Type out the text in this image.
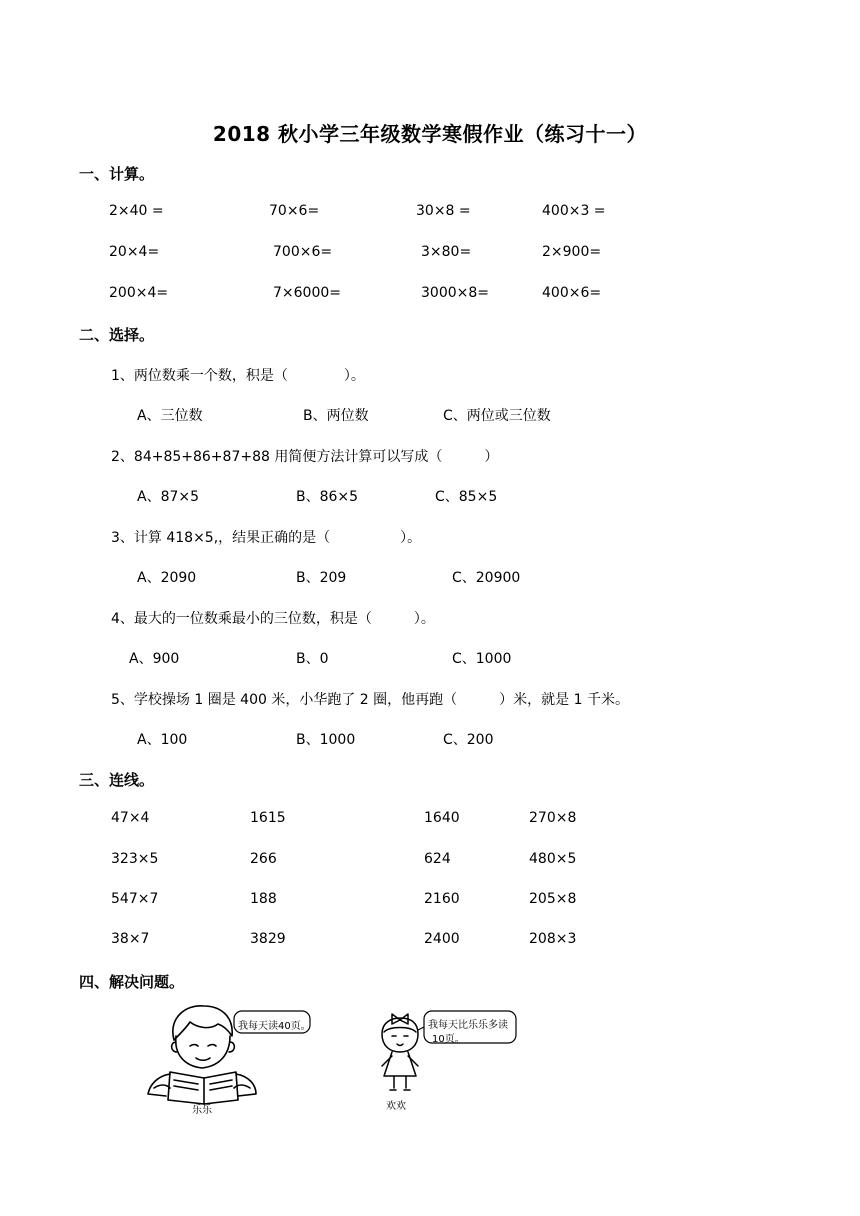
2018 秋小学三年级数学寒假作业（练习十一）
一、计算。
2×40 =	70×6=	30×8 =	400×3 =
20×4=	700×6=	3×80=	2×900=
200×4=	7×6000=	3000×8=	400×6=
二、选择。
1、两位数乘一个数，积是（　　　　）。
A、三位数	B、两位数	C、两位或三位数
2、84+85+86+87+88 用简便方法计算可以写成（　　　）
A、87×5	B、86×5	C、85×5
3、计算 418×5,，结果正确的是（　　　　　）。
A、2090	B、209	C、20900
4、最大的一位数乘最小的三位数，积是（　　　）。
A、900	B、0	C、1000
5、学校操场 1 圈是 400 米，小华跑了 2 圈，他再跑（　　　）米，就是 1 千米。
A、100	B、1000	C、200
三、连线。
47×4	1615	1640	270×8
323×5	266	624	480×5
547×7	188	2160	205×8
38×7	3829	2400	208×3
四、解决问题。
我每天读40页。
乐乐
我每天比乐乐多读
10页。
欢欢
